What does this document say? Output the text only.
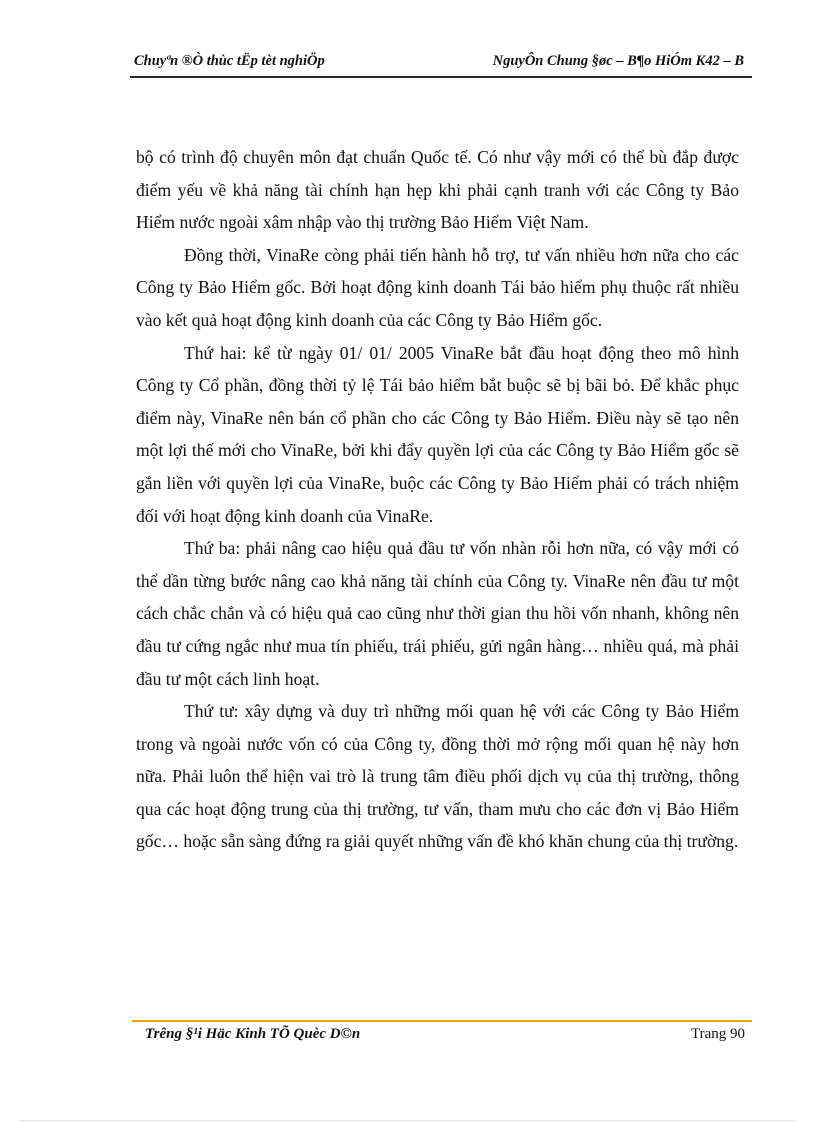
Chuyªn ®Ò thùc tËp tèt nghiÖp	NguyÔn Chung §øc – B¶o HiÓm K42 – B

bộ có trình độ chuyên môn đạt chuẩn Quốc tế. Có như vậy mới có thể bù đắp được điểm yếu về khả năng tài chính hạn hẹp khi phải cạnh tranh với các Công ty Bảo Hiểm nước ngoài xâm nhập vào thị trường Bảo Hiểm Việt Nam.

Đồng thời, VinaRe còng phải tiến hành hỗ trợ, tư vấn nhiều hơn nữa cho các Công ty Bảo Hiểm gốc. Bởi hoạt động kinh doanh Tái bảo hiểm phụ thuộc rất nhiều vào kết quả hoạt động kinh doanh của các Công ty Bảo Hiểm gốc.

Thứ hai: kể từ ngày 01/ 01/ 2005 VinaRe bắt đầu hoạt động theo mô hình Công ty Cổ phần, đồng thời tỷ lệ Tái bảo hiểm bắt buộc sẽ bị bãi bỏ. Để khắc phục điểm này, VinaRe nên bán cổ phần cho các Công ty Bảo Hiểm. Điều này sẽ tạo nên một lợi thế mới cho VinaRe, bởi khi đẩy quyền lợi của các Công ty Bảo Hiểm gốc sẽ gắn liền với quyền lợi của VinaRe, buộc các Công ty Bảo Hiểm phải có trách nhiệm đối với hoạt động kinh doanh của VinaRe.

Thứ ba: phải nâng cao hiệu quả đầu tư vốn nhàn rỗi hơn nữa, có vậy mới có thể dần từng bước nâng cao khả năng tài chính của Công ty. VinaRe nên đầu tư một cách chắc chắn và có hiệu quả cao cũng như thời gian thu hồi vốn nhanh, không nên đầu tư cứng ngắc như mua tín phiếu, trái phiếu, gửi ngân hàng… nhiều quá, mà phải đầu tư một cách linh hoạt.

Thứ tư: xây dựng và duy trì những mối quan hệ với các Công ty Bảo Hiểm trong và ngoài nước vốn có của Công ty, đồng thời mở rộng mối quan hệ này hơn nữa. Phải luôn thể hiện vai trò là trung tâm điều phối dịch vụ của thị trường, thông qua các hoạt động trung của thị trường, tư vấn, tham mưu cho các đơn vị Bảo Hiểm gốc… hoặc sẵn sàng đứng ra giải quyết những vấn đề khó khăn chung của thị trường.

Trêng §¹i Häc Kinh TÕ Quèc D©n	Trang 90
